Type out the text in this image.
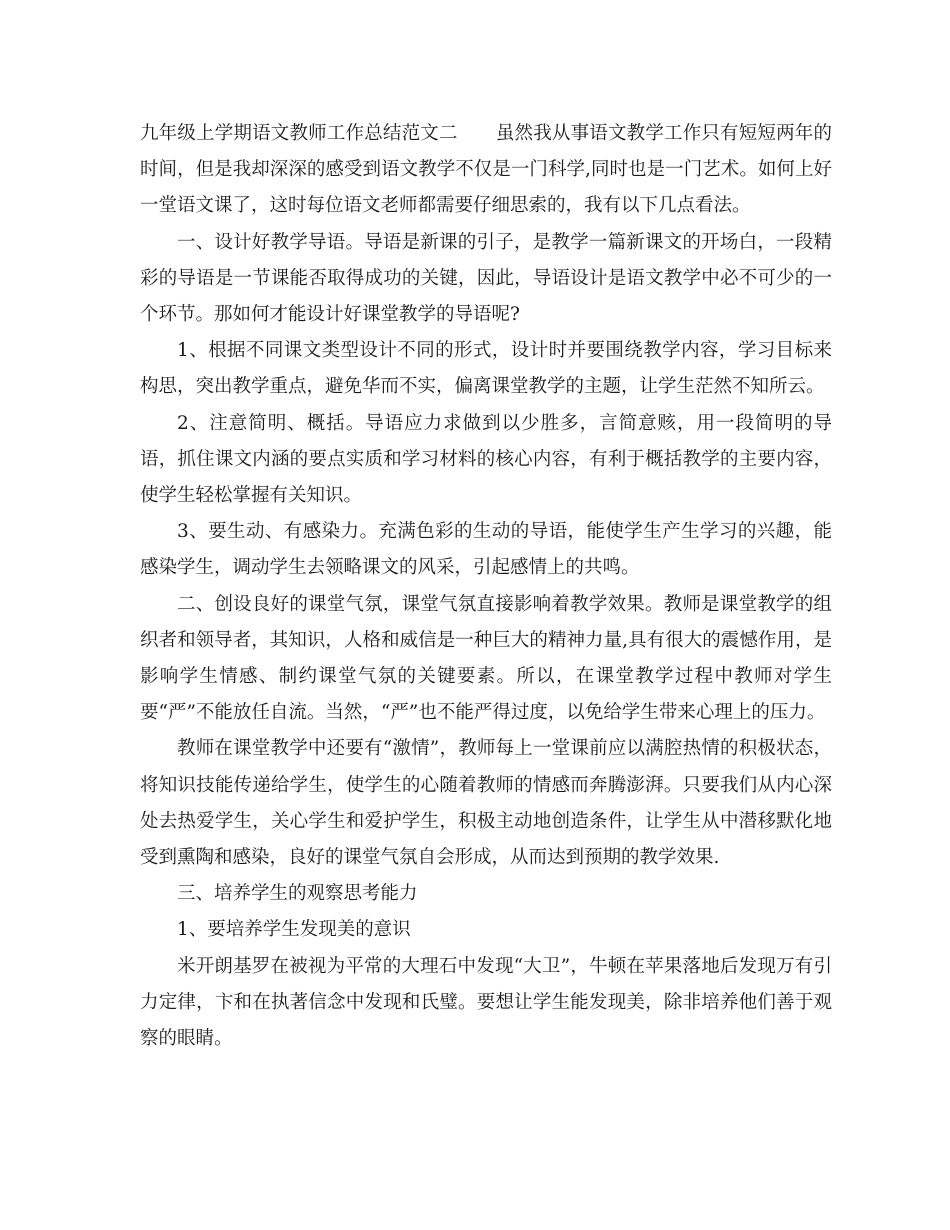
九年级上学期语文教师工作总结范文二 虽然我从事语文教学工作只有短短两年的时间，但是我却深深的感受到语文教学不仅是一门科学,同时也是一门艺术。如何上好一堂语文课了，这时每位语文老师都需要仔细思索的，我有以下几点看法。

一、设计好教学导语。导语是新课的引子，是教学一篇新课文的开场白，一段精彩的导语是一节课能否取得成功的关键，因此，导语设计是语文教学中必不可少的一个环节。那如何才能设计好课堂教学的导语呢?

1、根据不同课文类型设计不同的形式，设计时并要围绕教学内容，学习目标来构思，突出教学重点，避免华而不实，偏离课堂教学的主题，让学生茫然不知所云。

2、注意简明、概括。导语应力求做到以少胜多，言简意赅，用一段简明的导语，抓住课文内涵的要点实质和学习材料的核心内容，有利于概括教学的主要内容，使学生轻松掌握有关知识。

3、要生动、有感染力。充满色彩的生动的导语，能使学生产生学习的兴趣，能感染学生，调动学生去领略课文的风采，引起感情上的共鸣。

二、创设良好的课堂气氛，课堂气氛直接影响着教学效果。教师是课堂教学的组织者和领导者，其知识，人格和威信是一种巨大的精神力量,具有很大的震憾作用，是影响学生情感、制约课堂气氛的关键要素。所以，在课堂教学过程中教师对学生要“严”不能放任自流。当然，“严”也不能严得过度，以免给学生带来心理上的压力。

教师在课堂教学中还要有“激情”，教师每上一堂课前应以满腔热情的积极状态，将知识技能传递给学生，使学生的心随着教师的情感而奔腾澎湃。只要我们从内心深处去热爱学生，关心学生和爱护学生，积极主动地创造条件，让学生从中潜移默化地受到熏陶和感染，良好的课堂气氛自会形成，从而达到预期的教学效果.

三、培养学生的观察思考能力

1、要培养学生发现美的意识

米开朗基罗在被视为平常的大理石中发现“大卫”，牛顿在苹果落地后发现万有引力定律，卞和在执著信念中发现和氏璧。要想让学生能发现美，除非培养他们善于观察的眼睛。
